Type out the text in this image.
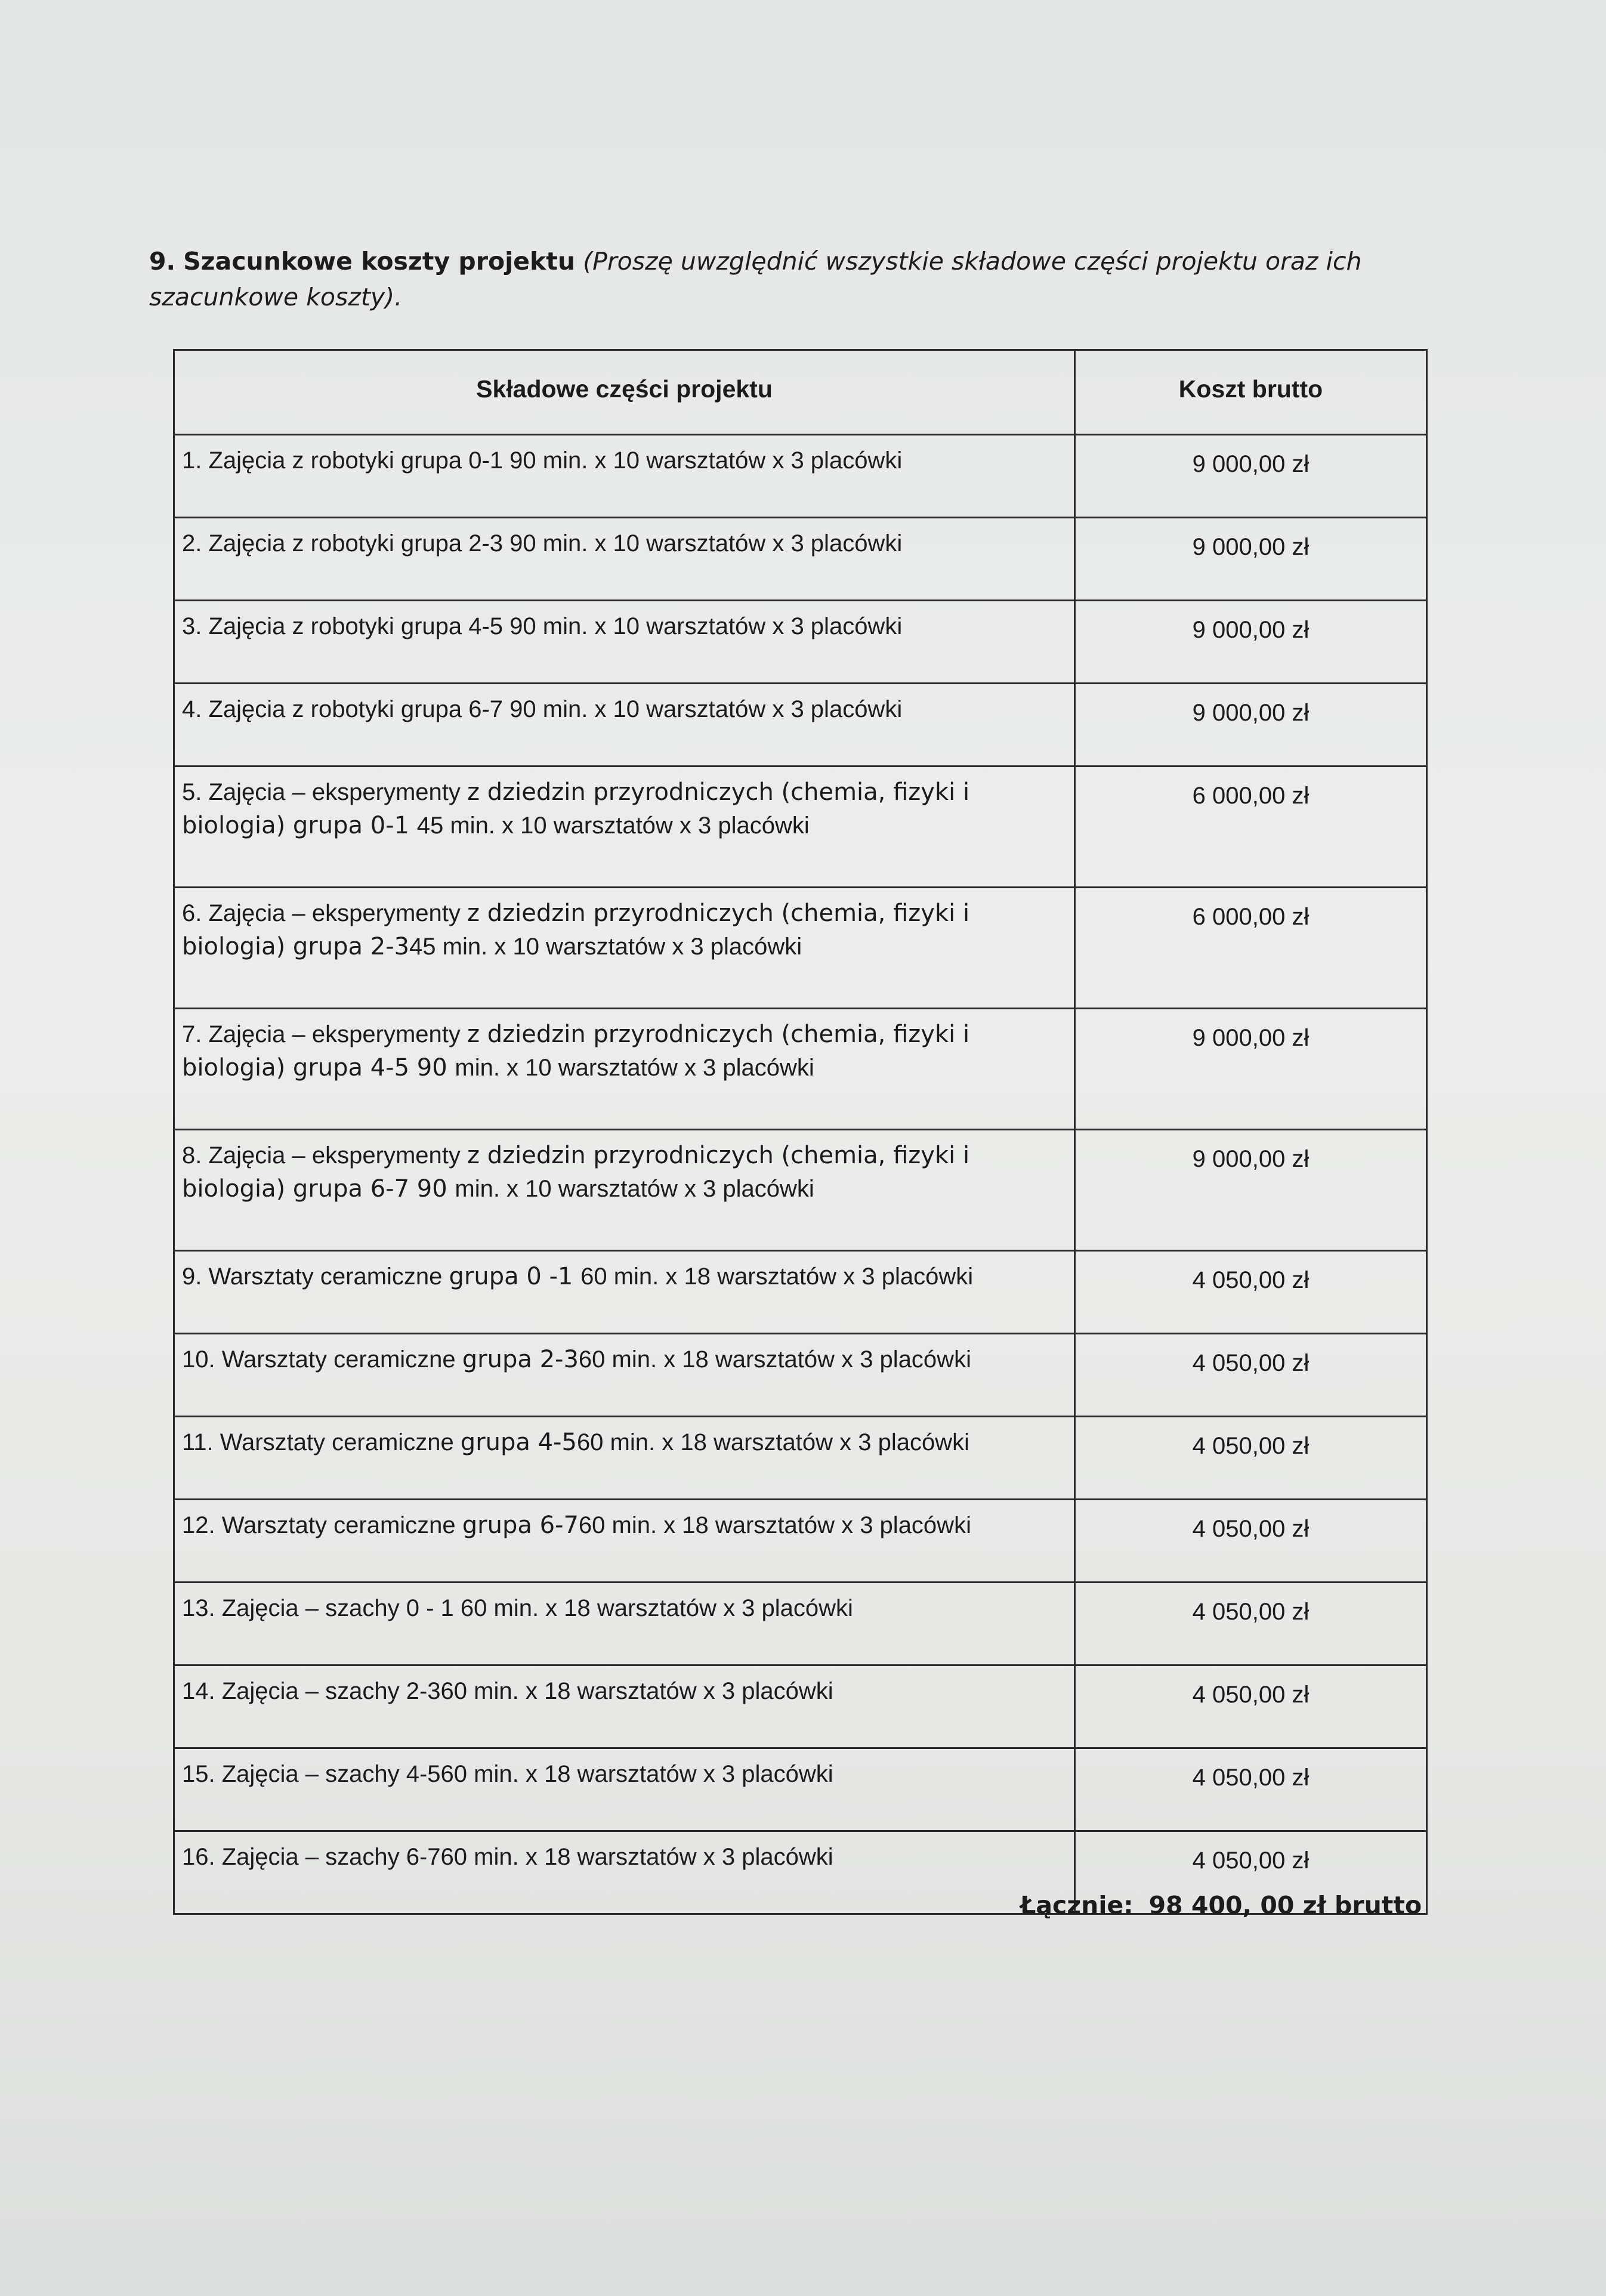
9. Szacunkowe koszty projektu (Proszę uwzględnić wszystkie składowe części projektu oraz ich szacunkowe koszty).
Składowe części projektu	Koszt brutto
1. Zajęcia z robotyki grupa 0-1 90 min. x 10 warsztatów x 3 placówki	9 000,00 zł
2. Zajęcia z robotyki grupa 2-3 90 min. x 10 warsztatów x 3 placówki	9 000,00 zł
3. Zajęcia z robotyki grupa 4-5 90 min. x 10 warsztatów x 3 placówki	9 000,00 zł
4. Zajęcia z robotyki grupa 6-7 90 min. x 10 warsztatów x 3 placówki	9 000,00 zł
5. Zajęcia – eksperymenty z dziedzin przyrodniczych (chemia, fizyki i biologia) grupa 0-1 45 min. x 10 warsztatów x 3 placówki	6 000,00 zł
6. Zajęcia – eksperymenty z dziedzin przyrodniczych (chemia, fizyki i biologia) grupa 2-345 min. x 10 warsztatów x 3 placówki	6 000,00 zł
7. Zajęcia – eksperymenty z dziedzin przyrodniczych (chemia, fizyki i biologia) grupa 4-5 90 min. x 10 warsztatów x 3 placówki	9 000,00 zł
8. Zajęcia – eksperymenty z dziedzin przyrodniczych (chemia, fizyki i biologia) grupa 6-7 90 min. x 10 warsztatów x 3 placówki	9 000,00 zł
9. Warsztaty ceramiczne grupa 0 -1 60 min. x 18 warsztatów x 3 placówki	4 050,00 zł
10. Warsztaty ceramiczne grupa 2-360 min. x 18 warsztatów x 3 placówki	4 050,00 zł
11. Warsztaty ceramiczne grupa 4-560 min. x 18 warsztatów x 3 placówki	4 050,00 zł
12. Warsztaty ceramiczne grupa 6-760 min. x 18 warsztatów x 3 placówki	4 050,00 zł
13. Zajęcia – szachy 0 - 1 60 min. x 18 warsztatów x 3 placówki	4 050,00 zł
14. Zajęcia – szachy 2-360 min. x 18 warsztatów x 3 placówki	4 050,00 zł
15. Zajęcia – szachy 4-560 min. x 18 warsztatów x 3 placówki	4 050,00 zł
16. Zajęcia – szachy 6-760 min. x 18 warsztatów x 3 placówki	4 050,00 zł
Łącznie: 98 400, 00 zł brutto
